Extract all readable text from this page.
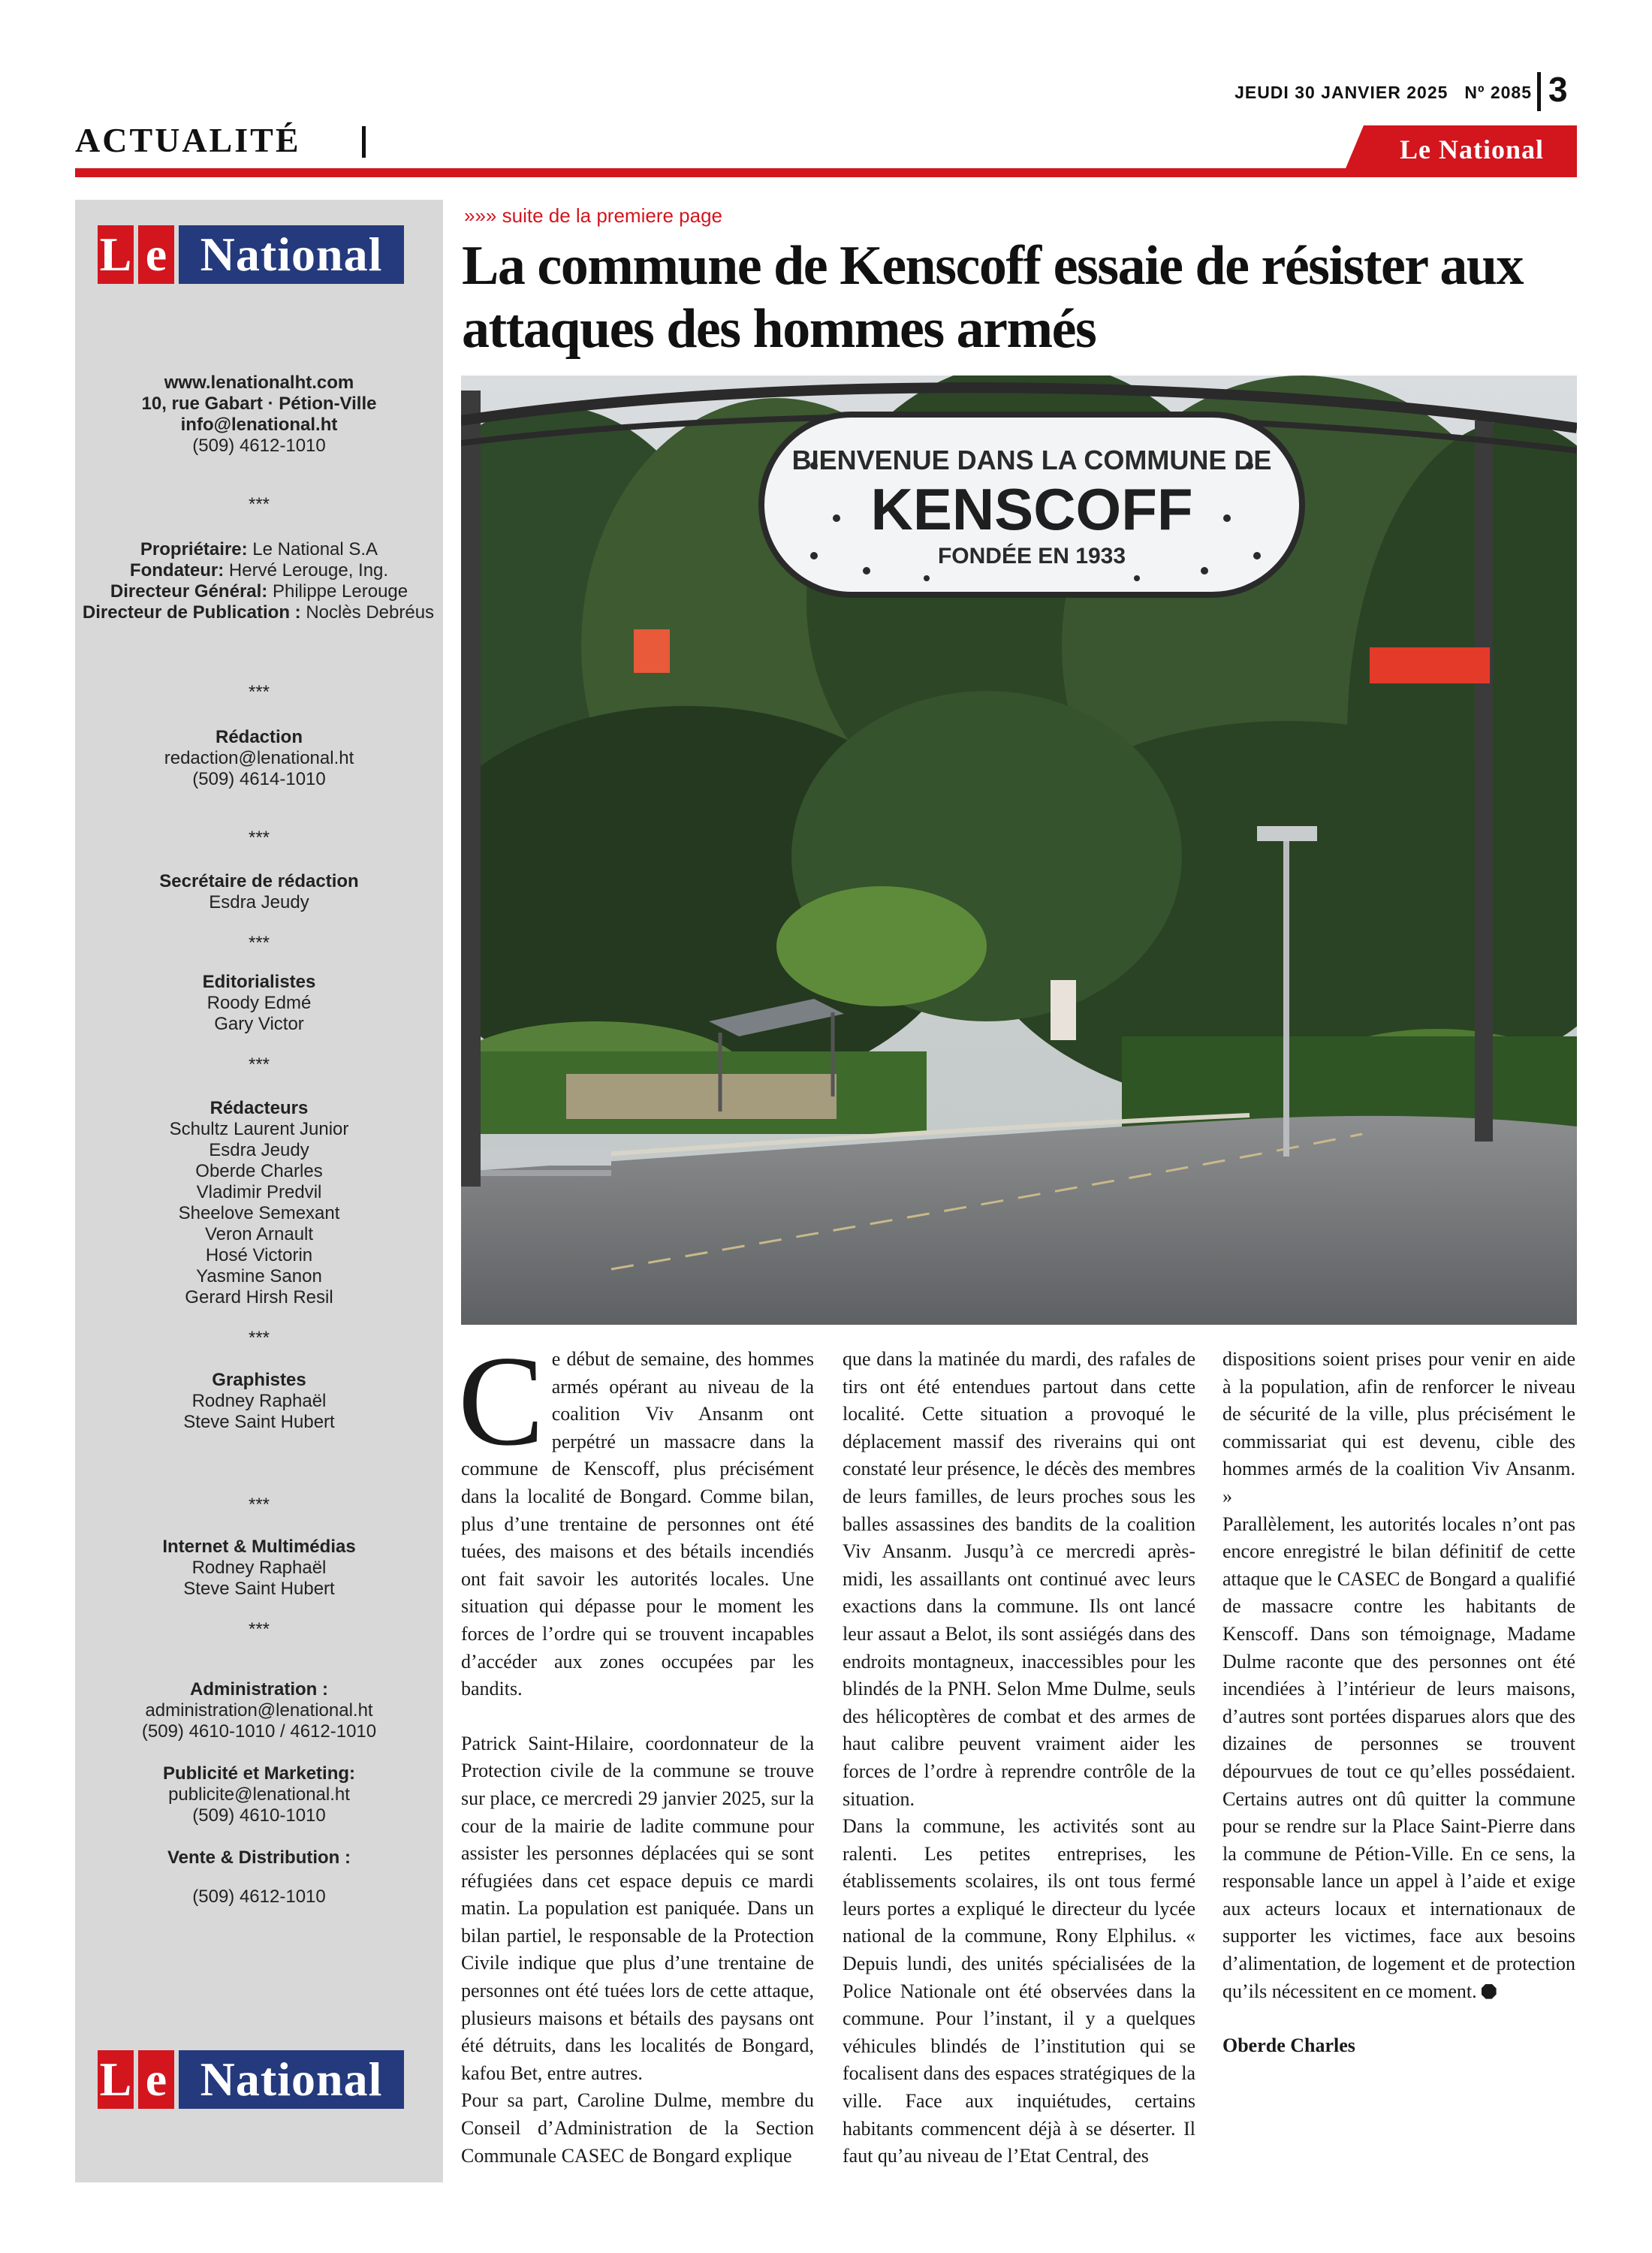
JEUDI 30 JANVIER 2025 Nº 2085 3
ACTUALITÉ	Le National
L e National
www.lenationalht.com
10, rue Gabart · Pétion-Ville
info@lenational.ht
(509) 4612-1010
***
Propriétaire: Le National S.A
Fondateur: Hervé Lerouge, Ing.
Directeur Général: Philippe Lerouge
Directeur de Publication : Noclès Debréus
***
Rédaction
redaction@lenational.ht
(509) 4614-1010
***
Secrétaire de rédaction
Esdra Jeudy
***
Editorialistes
Roody Edmé
Gary Victor
***
Rédacteurs
Schultz Laurent Junior
Esdra Jeudy
Oberde Charles
Vladimir Predvil
Sheelove Semexant
Veron Arnault
Hosé Victorin
Yasmine Sanon
Gerard Hirsh Resil
***
Graphistes
Rodney Raphaël
Steve Saint Hubert
***
Internet & Multimédias
Rodney Raphaël
Steve Saint Hubert
***
Administration :
administration@lenational.ht
(509) 4610-1010 / 4612-1010
Publicité et Marketing:
publicite@lenational.ht
(509) 4610-1010
Vente & Distribution :
(509) 4612-1010
L e National
»»» suite de la premiere page
La commune de Kenscoff essaie de résister aux attaques des hommes armés
BIENVENUE DANS LA COMMUNE DE
KENSCOFF
FONDÉE EN 1933

Ce début de semaine, des hommes armés opérant au niveau de la coalition Viv Ansanm ont perpétré un massacre dans la commune de Kenscoff, plus précisément dans la localité de Bongard. Comme bilan, plus d’une trentaine de personnes ont été tuées, des maisons et des bétails incendiés ont fait savoir les autorités locales. Une situation qui dépasse pour le moment les forces de l’ordre qui se trouvent incapables d’accéder aux zones occupées par les bandits.

Patrick Saint-Hilaire, coordonnateur de la Protection civile de la commune se trouve sur place, ce mercredi 29 janvier 2025, sur la cour de la mairie de ladite commune pour assister les personnes déplacées qui se sont réfugiées dans cet espace depuis ce mardi matin. La population est paniquée. Dans un bilan partiel, le responsable de la Protection Civile indique que plus d’une trentaine de personnes ont été tuées lors de cette attaque, plusieurs maisons et bétails des paysans ont été détruits, dans les localités de Bongard, kafou Bet, entre autres.

Pour sa part, Caroline Dulme, membre du Conseil d’Administration de la Section Communale CASEC de Bongard explique

que dans la matinée du mardi, des rafales de tirs ont été entendues partout dans cette localité. Cette situation a provoqué le déplacement massif des riverains qui ont constaté leur présence, le décès des membres de leurs familles, de leurs proches sous les balles assassines des bandits de la coalition Viv Ansanm. Jusqu’à ce mercredi après-midi, les assaillants ont continué avec leurs exactions dans la commune. Ils ont lancé leur assaut a Belot, ils sont assiégés dans des endroits montagneux, inaccessibles pour les blindés de la PNH. Selon Mme Dulme, seuls des hélicoptères de combat et des armes de haut calibre peuvent vraiment aider les forces de l’ordre à reprendre contrôle de la situation.

Dans la commune, les activités sont au ralenti. Les petites entreprises, les établissements scolaires, ils ont tous fermé leurs portes a expliqué le directeur du lycée national de la commune, Rony Elphilus. « Depuis lundi, des unités spécialisées de la Police Nationale ont été observées dans la commune. Pour l’instant, il y a quelques véhicules blindés de l’institution qui se focalisent dans des espaces stratégiques de la ville. Face aux inquiétudes, certains habitants commencent déjà à se déserter. Il faut qu’au niveau de l’Etat Central, des

dispositions soient prises pour venir en aide à la population, afin de renforcer le niveau de sécurité de la ville, plus précisément le commissariat qui est devenu, cible des hommes armés de la coalition Viv Ansanm. »

Parallèlement, les autorités locales n’ont pas encore enregistré le bilan définitif de cette attaque que le CASEC de Bongard a qualifié de massacre contre les habitants de Kenscoff. Dans son témoignage, Madame Dulme raconte que des personnes ont été incendiées à l’intérieur de leurs maisons, d’autres sont portées disparues alors que des dizaines de personnes se trouvent dépourvues de tout ce qu’elles possédaient. Certains autres ont dû quitter la commune pour se rendre sur la Place Saint-Pierre dans la commune de Pétion-Ville. En ce sens, la responsable lance un appel à l’aide et exige aux acteurs locaux et internationaux de supporter les victimes, face aux besoins d’alimentation, de logement et de protection qu’ils nécessitent en ce moment.

Oberde Charles
